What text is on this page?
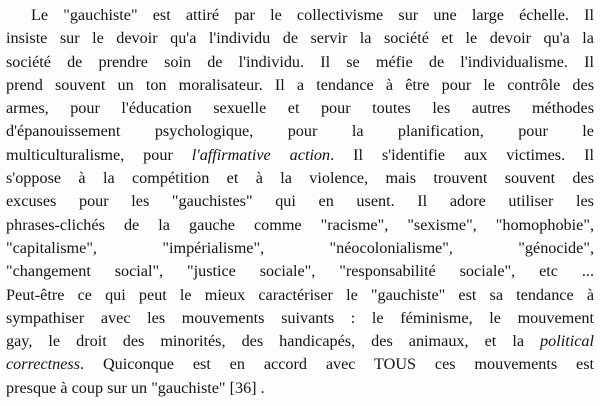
Le "gauchiste" est attiré par le collectivisme sur une large échelle. Il
insiste sur le devoir qu'a l'individu de servir la société et le devoir qu'a la
société de prendre soin de l'individu. Il se méfie de l'individualisme. Il
prend souvent un ton moralisateur. Il a tendance à être pour le contrôle des
armes, pour l'éducation sexuelle et pour toutes les autres méthodes
d'épanouissement psychologique, pour la planification, pour le
multiculturalisme, pour l'affirmative action. Il s'identifie aux victimes. Il
s'oppose à la compétition et à la violence, mais trouvent souvent des
excuses pour les "gauchistes" qui en usent. Il adore utiliser les
phrases-clichés de la gauche comme "racisme", "sexisme", "homophobie",
"capitalisme", "impérialisme", "néocolonialisme", "génocide",
"changement social", "justice sociale", "responsabilité sociale", etc ...
Peut-être ce qui peut le mieux caractériser le "gauchiste" est sa tendance à
sympathiser avec les mouvements suivants : le féminisme, le mouvement
gay, le droit des minorités, des handicapés, des animaux, et la political
correctness. Quiconque est en accord avec TOUS ces mouvements est
presque à coup sur un "gauchiste" [36] .
